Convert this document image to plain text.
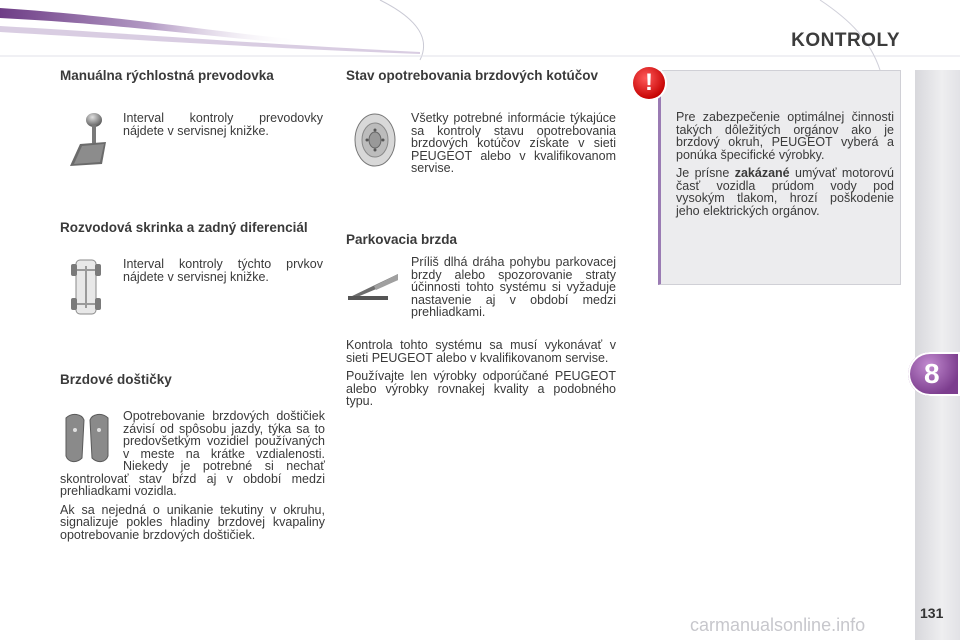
KONTROLY
8
Manuálna rýchlostná prevodovka

Interval kontroly prevodovky nájdete v servisnej knižke.

Rozvodová skrinka a zadný diferenciál

Interval kontroly týchto prvkov nájdete v servisnej knižke.

Brzdové doštičky

Opotrebovanie brzdových doštičiek závisí od spôsobu jazdy, týka sa to predovšetkým vozidiel používaných v meste na krátke vzdialenosti. Niekedy je potrebné si nechať skontrolovať stav bŕzd aj v období medzi prehliadkami vozidla.

Ak sa nejedná o unikanie tekutiny v okruhu, signalizuje pokles hladiny brzdovej kvapaliny opotrebovanie brzdových doštičiek.

Stav opotrebovania brzdových kotúčov

Všetky potrebné informácie týkajúce sa kontroly stavu opotrebovania brzdových kotúčov získate v sieti PEUGEOT alebo v kvalifikovanom servise.

Parkovacia brzda

Príliš dlhá dráha pohybu parkovacej brzdy alebo spozorovanie straty účinnosti tohto systému si vyžaduje nastavenie aj v období medzi prehliadkami.

Kontrola tohto systému sa musí vykonávať v sieti PEUGEOT alebo v kvalifikovanom servise.

Používajte len výrobky odporúčané PEUGEOT alebo výrobky rovnakej kvality a podobného typu.

Pre zabezpečenie optimálnej činnosti takých dôležitých orgánov ako je brzdový okruh, PEUGEOT vyberá a ponúka špecifické výrobky.

Je prísne zakázané umývať motorovú časť vozidla prúdom vody pod vysokým tlakom, hrozí poškodenie jeho elektrických orgánov.

!
131
carmanualsonline.info
